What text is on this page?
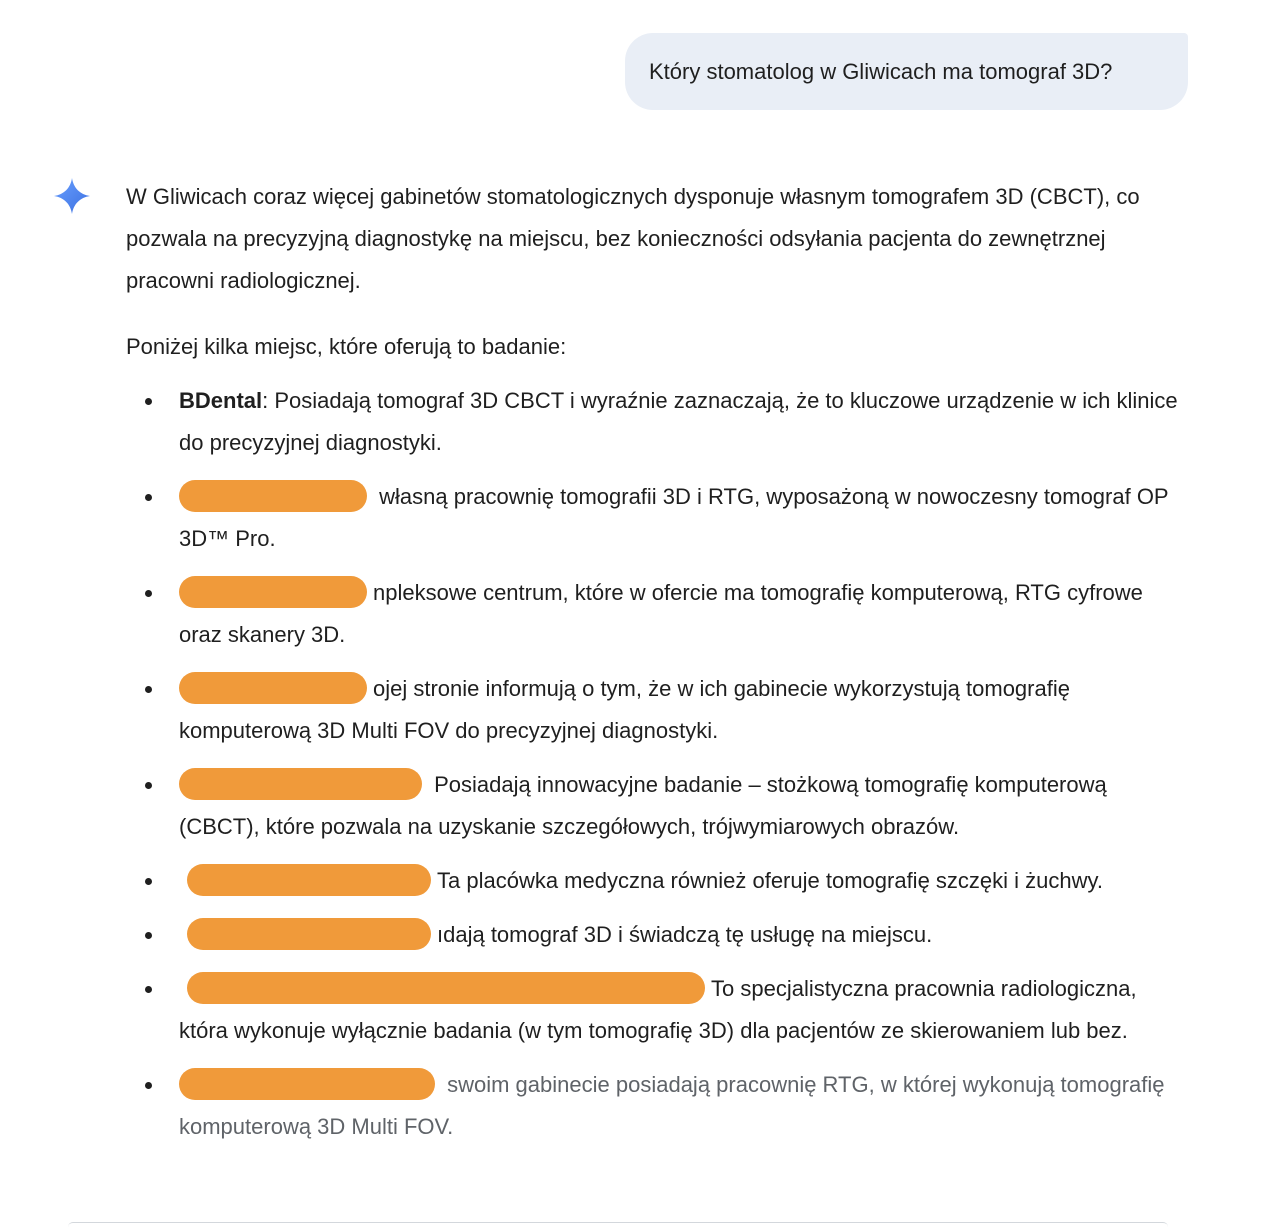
Który stomatolog w Gliwicach ma tomograf 3D?

W Gliwicach coraz więcej gabinetów stomatologicznych dysponuje własnym tomografem 3D (CBCT), co pozwala na precyzyjną diagnostykę na miejscu, bez konieczności odsyłania pacjenta do zewnętrznej pracowni radiologicznej.

Poniżej kilka miejsc, które oferują to badanie:

BDental: Posiadają tomograf 3D CBCT i wyraźnie zaznaczają, że to kluczowe urządzenie w ich klinice do precyzyjnej diagnostyki.
własną pracownię tomografii 3D i RTG, wyposażoną w nowoczesny tomograf OP 3D™ Pro.
npleksowe centrum, które w ofercie ma tomografię komputerową, RTG cyfrowe oraz skanery 3D.
ojej stronie informują o tym, że w ich gabinecie wykorzystują tomografię komputerową 3D Multi FOV do precyzyjnej diagnostyki.
Posiadają innowacyjne badanie – stożkową tomografię komputerową (CBCT), które pozwala na uzyskanie szczegółowych, trójwymiarowych obrazów.
Ta placówka medyczna również oferuje tomografię szczęki i żuchwy.
ıdają tomograf 3D i świadczą tę usługę na miejscu.
To specjalistyczna pracownia radiologiczna, która wykonuje wyłącznie badania (w tym tomografię 3D) dla pacjentów ze skierowaniem lub bez.
swoim gabinecie posiadają pracownię RTG, w której wykonują tomografię komputerową 3D Multi FOV.
